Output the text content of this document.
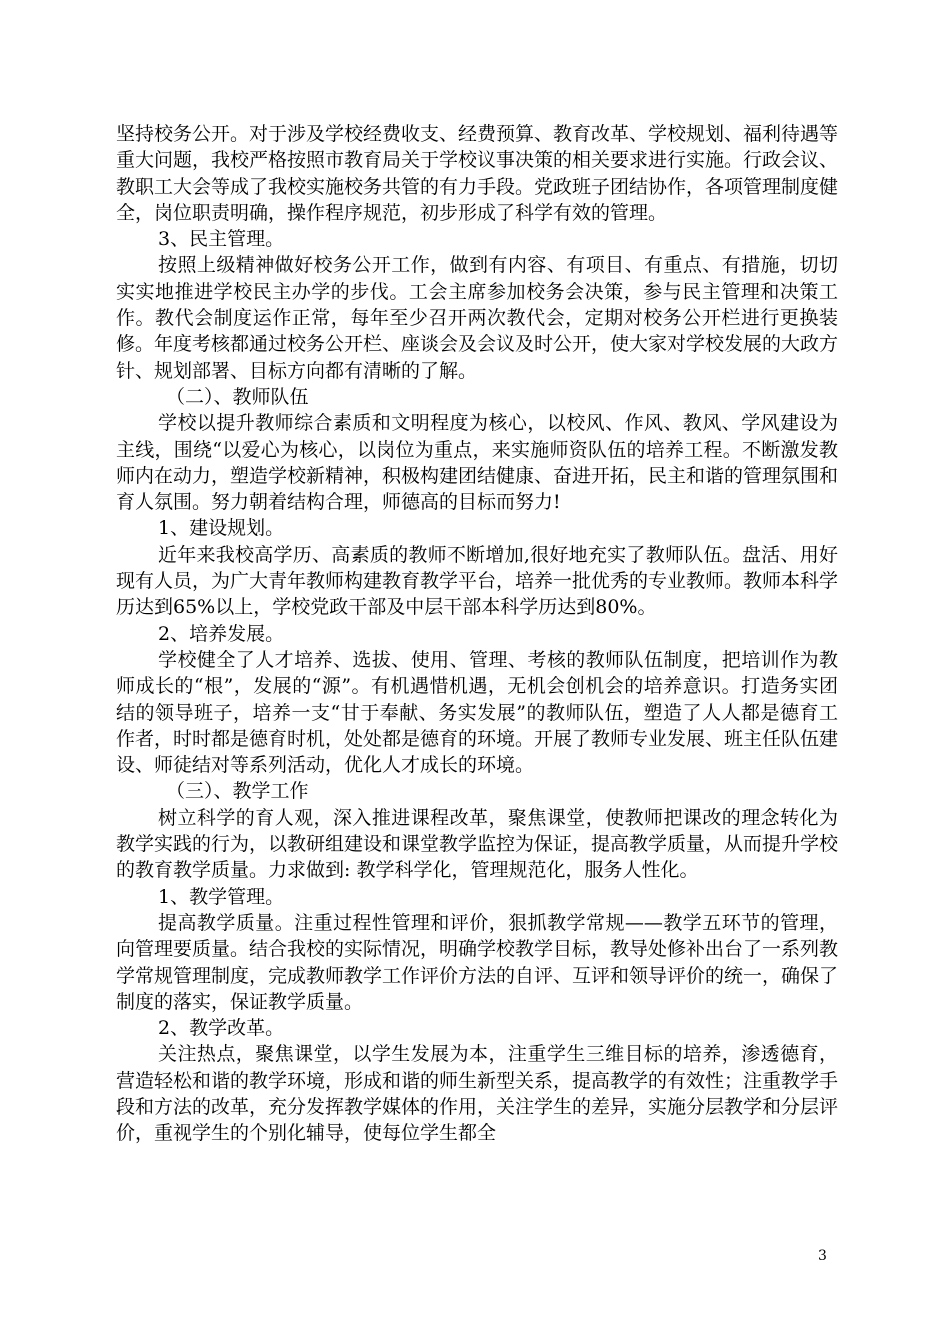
坚持校务公开。对于涉及学校经费收支、经费预算、教育改革、学校规划、福利待遇等重大问题，我校严格按照市教育局关于学校议事决策的相关要求进行实施。行政会议、教职工大会等成了我校实施校务共管的有力手段。党政班子团结协作，各项管理制度健全，岗位职责明确，操作程序规范，初步形成了科学有效的管理。

3、民主管理。

按照上级精神做好校务公开工作，做到有内容、有项目、有重点、有措施，切切实实地推进学校民主办学的步伐。工会主席参加校务会决策，参与民主管理和决策工作。教代会制度运作正常，每年至少召开两次教代会，定期对校务公开栏进行更换装修。年度考核都通过校务公开栏、座谈会及会议及时公开，使大家对学校发展的大政方针、规划部署、目标方向都有清晰的了解。

（二）、教师队伍

学校以提升教师综合素质和文明程度为核心，以校风、作风、教风、学风建设为主线，围绕“以爱心为核心，以岗位为重点，来实施师资队伍的培养工程。不断激发教师内在动力，塑造学校新精神，积极构建团结健康、奋进开拓，民主和谐的管理氛围和育人氛围。努力朝着结构合理，师德高的目标而努力!

1、建设规划。

近年来我校高学历、高素质的教师不断增加,很好地充实了教师队伍。盘活、用好现有人员，为广大青年教师构建教育教学平台，培养一批优秀的专业教师。教师本科学历达到65%以上，学校党政干部及中层干部本科学历达到80%。

2、培养发展。

学校健全了人才培养、选拔、使用、管理、考核的教师队伍制度，把培训作为教师成长的“根”，发展的“源”。有机遇惜机遇，无机会创机会的培养意识。打造务实团结的领导班子，培养一支“甘于奉献、务实发展”的教师队伍，塑造了人人都是德育工作者，时时都是德育时机，处处都是德育的环境。开展了教师专业发展、班主任队伍建设、师徒结对等系列活动，优化人才成长的环境。

（三）、教学工作

树立科学的育人观，深入推进课程改革，聚焦课堂，使教师把课改的理念转化为教学实践的行为，以教研组建设和课堂教学监控为保证，提高教学质量，从而提升学校的教育教学质量。力求做到: 教学科学化，管理规范化，服务人性化。

1、教学管理。

提高教学质量。注重过程性管理和评价，狠抓教学常规——教学五环节的管理，向管理要质量。结合我校的实际情况，明确学校教学目标，教导处修补出台了一系列教学常规管理制度，完成教师教学工作评价方法的自评、互评和领导评价的统一，确保了制度的落实，保证教学质量。

2、教学改革。

关注热点，聚焦课堂，以学生发展为本，注重学生三维目标的培养，渗透德育，营造轻松和谐的教学环境，形成和谐的师生新型关系，提高教学的有效性；注重教学手段和方法的改革，充分发挥教学媒体的作用，关注学生的差异，实施分层教学和分层评价，重视学生的个别化辅导，使每位学生都全

3
